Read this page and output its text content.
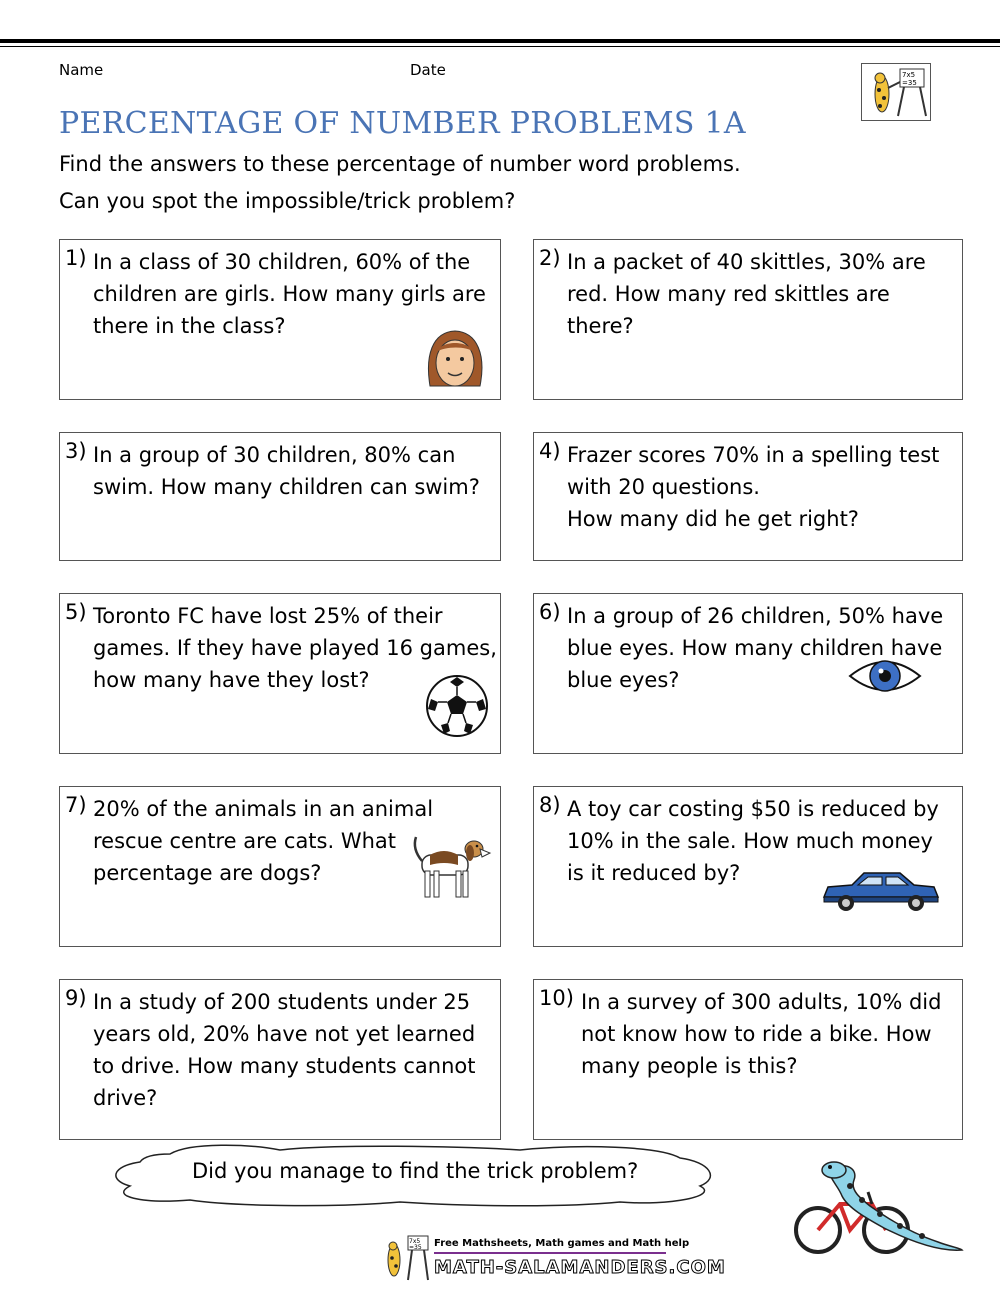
Name	Date	7x5
=35
PERCENTAGE OF NUMBER PROBLEMS 1A
Find the answers to these percentage of number word problems.
Can you spot the impossible/trick problem?
1) In a class of 30 children, 60% of the
children are girls. How many girls are
there in the class?
2) In a packet of 40 skittles, 30% are
red. How many red skittles are
there?
3) In a group of 30 children, 80% can
swim. How many children can swim?
4) Frazer scores 70% in a spelling test
with 20 questions.
How many did he get right?
5) Toronto FC have lost 25% of their
games. If they have played 16 games,
how many have they lost?
6) In a group of 26 children, 50% have
blue eyes. How many children have
blue eyes?
7) 20% of the animals in an animal
rescue centre are cats. What
percentage are dogs?
8) A toy car costing $50 is reduced by
10% in the sale. How much money
is it reduced by?
9) In a study of 200 students under 25
years old, 20% have not yet learned
to drive. How many students cannot
drive?
10) In a survey of 300 adults, 10% did
not know how to ride a bike. How
many people is this?
Did you manage to find the trick problem?
7x5
=35 Free Mathsheets, Math games and Math help
MATH-SALAMANDERS.COM
